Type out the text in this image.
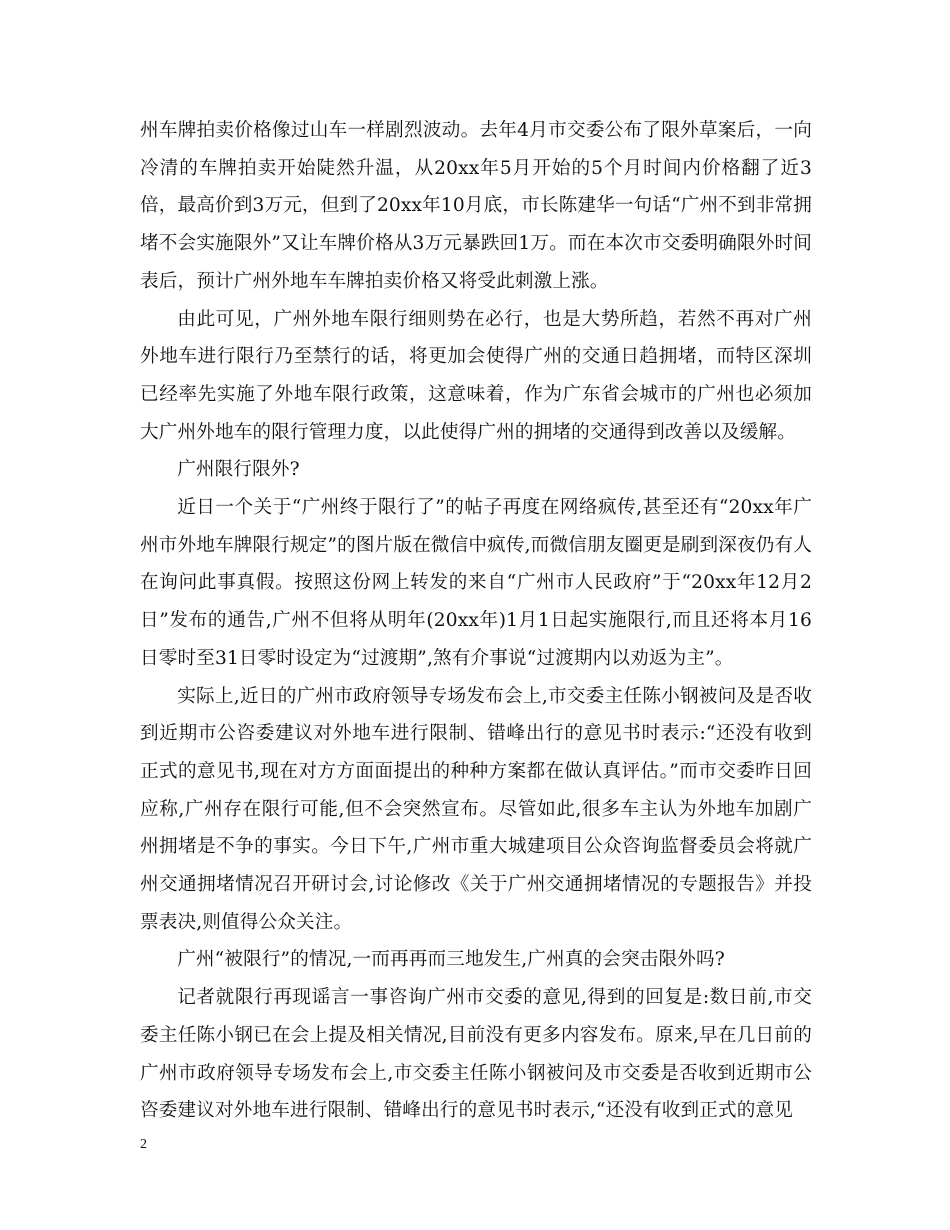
州车牌拍卖价格像过山车一样剧烈波动。去年4月市交委公布了限外草案后，一向冷清的车牌拍卖开始陡然升温，从20xx年5月开始的5个月时间内价格翻了近3倍，最高价到3万元，但到了20xx年10月底，市长陈建华一句话“广州不到非常拥堵不会实施限外”又让车牌价格从3万元暴跌回1万。而在本次市交委明确限外时间表后，预计广州外地车车牌拍卖价格又将受此刺激上涨。

由此可见，广州外地车限行细则势在必行，也是大势所趋，若然不再对广州外地车进行限行乃至禁行的话，将更加会使得广州的交通日趋拥堵，而特区深圳已经率先实施了外地车限行政策，这意味着，作为广东省会城市的广州也必须加大广州外地车的限行管理力度，以此使得广州的拥堵的交通得到改善以及缓解。

广州限行限外?

近日一个关于“广州终于限行了”的帖子再度在网络疯传,甚至还有“20xx年广州市外地车牌限行规定”的图片版在微信中疯传,而微信朋友圈更是刷到深夜仍有人在询问此事真假。按照这份网上转发的来自“广州市人民政府”于“20xx年12月2日”发布的通告,广州不但将从明年(20xx年)1月1日起实施限行,而且还将本月16日零时至31日零时设定为“过渡期”,煞有介事说“过渡期内以劝返为主”。

实际上,近日的广州市政府领导专场发布会上,市交委主任陈小钢被问及是否收到近期市公咨委建议对外地车进行限制、错峰出行的意见书时表示:“还没有收到正式的意见书,现在对方方面面提出的种种方案都在做认真评估。”而市交委昨日回应称,广州存在限行可能,但不会突然宣布。尽管如此,很多车主认为外地车加剧广州拥堵是不争的事实。今日下午,广州市重大城建项目公众咨询监督委员会将就广州交通拥堵情况召开研讨会,讨论修改《关于广州交通拥堵情况的专题报告》并投票表决,则值得公众关注。

广州“被限行”的情况,一而再再而三地发生,广州真的会突击限外吗?

记者就限行再现谣言一事咨询广州市交委的意见,得到的回复是:数日前,市交委主任陈小钢已在会上提及相关情况,目前没有更多内容发布。原来,早在几日前的广州市政府领导专场发布会上,市交委主任陈小钢被问及市交委是否收到近期市公咨委建议对外地车进行限制、错峰出行的意见书时表示,“还没有收到正式的意见

2
